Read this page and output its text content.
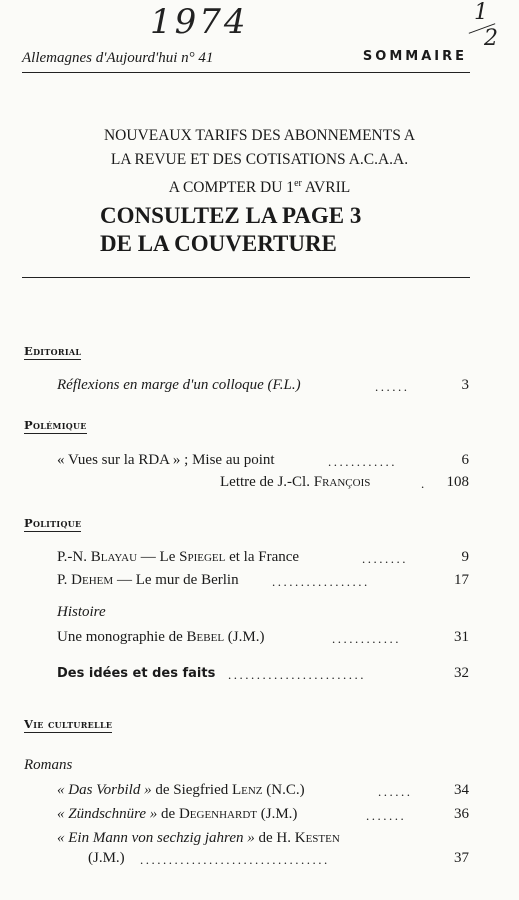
1974	1
2
Allemagnes d'Aujourd'hui n° 41	SOMMAIRE
NOUVEAUX TARIFS DES ABONNEMENTS A
LA REVUE ET DES COTISATIONS A.C.A.A.
A COMPTER DU 1er AVRIL
CONSULTEZ LA PAGE 3
DE LA COUVERTURE
Editorial
Réflexions en marge d'un colloque (F.L.)	......	3
Polémique
« Vues sur la RDA » ; Mise au point	............	6
Lettre de J.-Cl. François	. 108
Politique
P.-N. Blayau — Le Spiegel et la France	........	9
P. Dehem — Le mur de Berlin	.................	17
Histoire
Une monographie de Bebel (J.M.)	............	31
Des idées et des faits ........................	32
Vie culturelle
Romans
« Das Vorbild » de Siegfried Lenz (N.C.)	......	34
« Zündschnüre » de Degenhardt (J.M.)	.......	36
« Ein Mann von sechzig jahren » de H. Kesten
(J.M.) .................................	37
